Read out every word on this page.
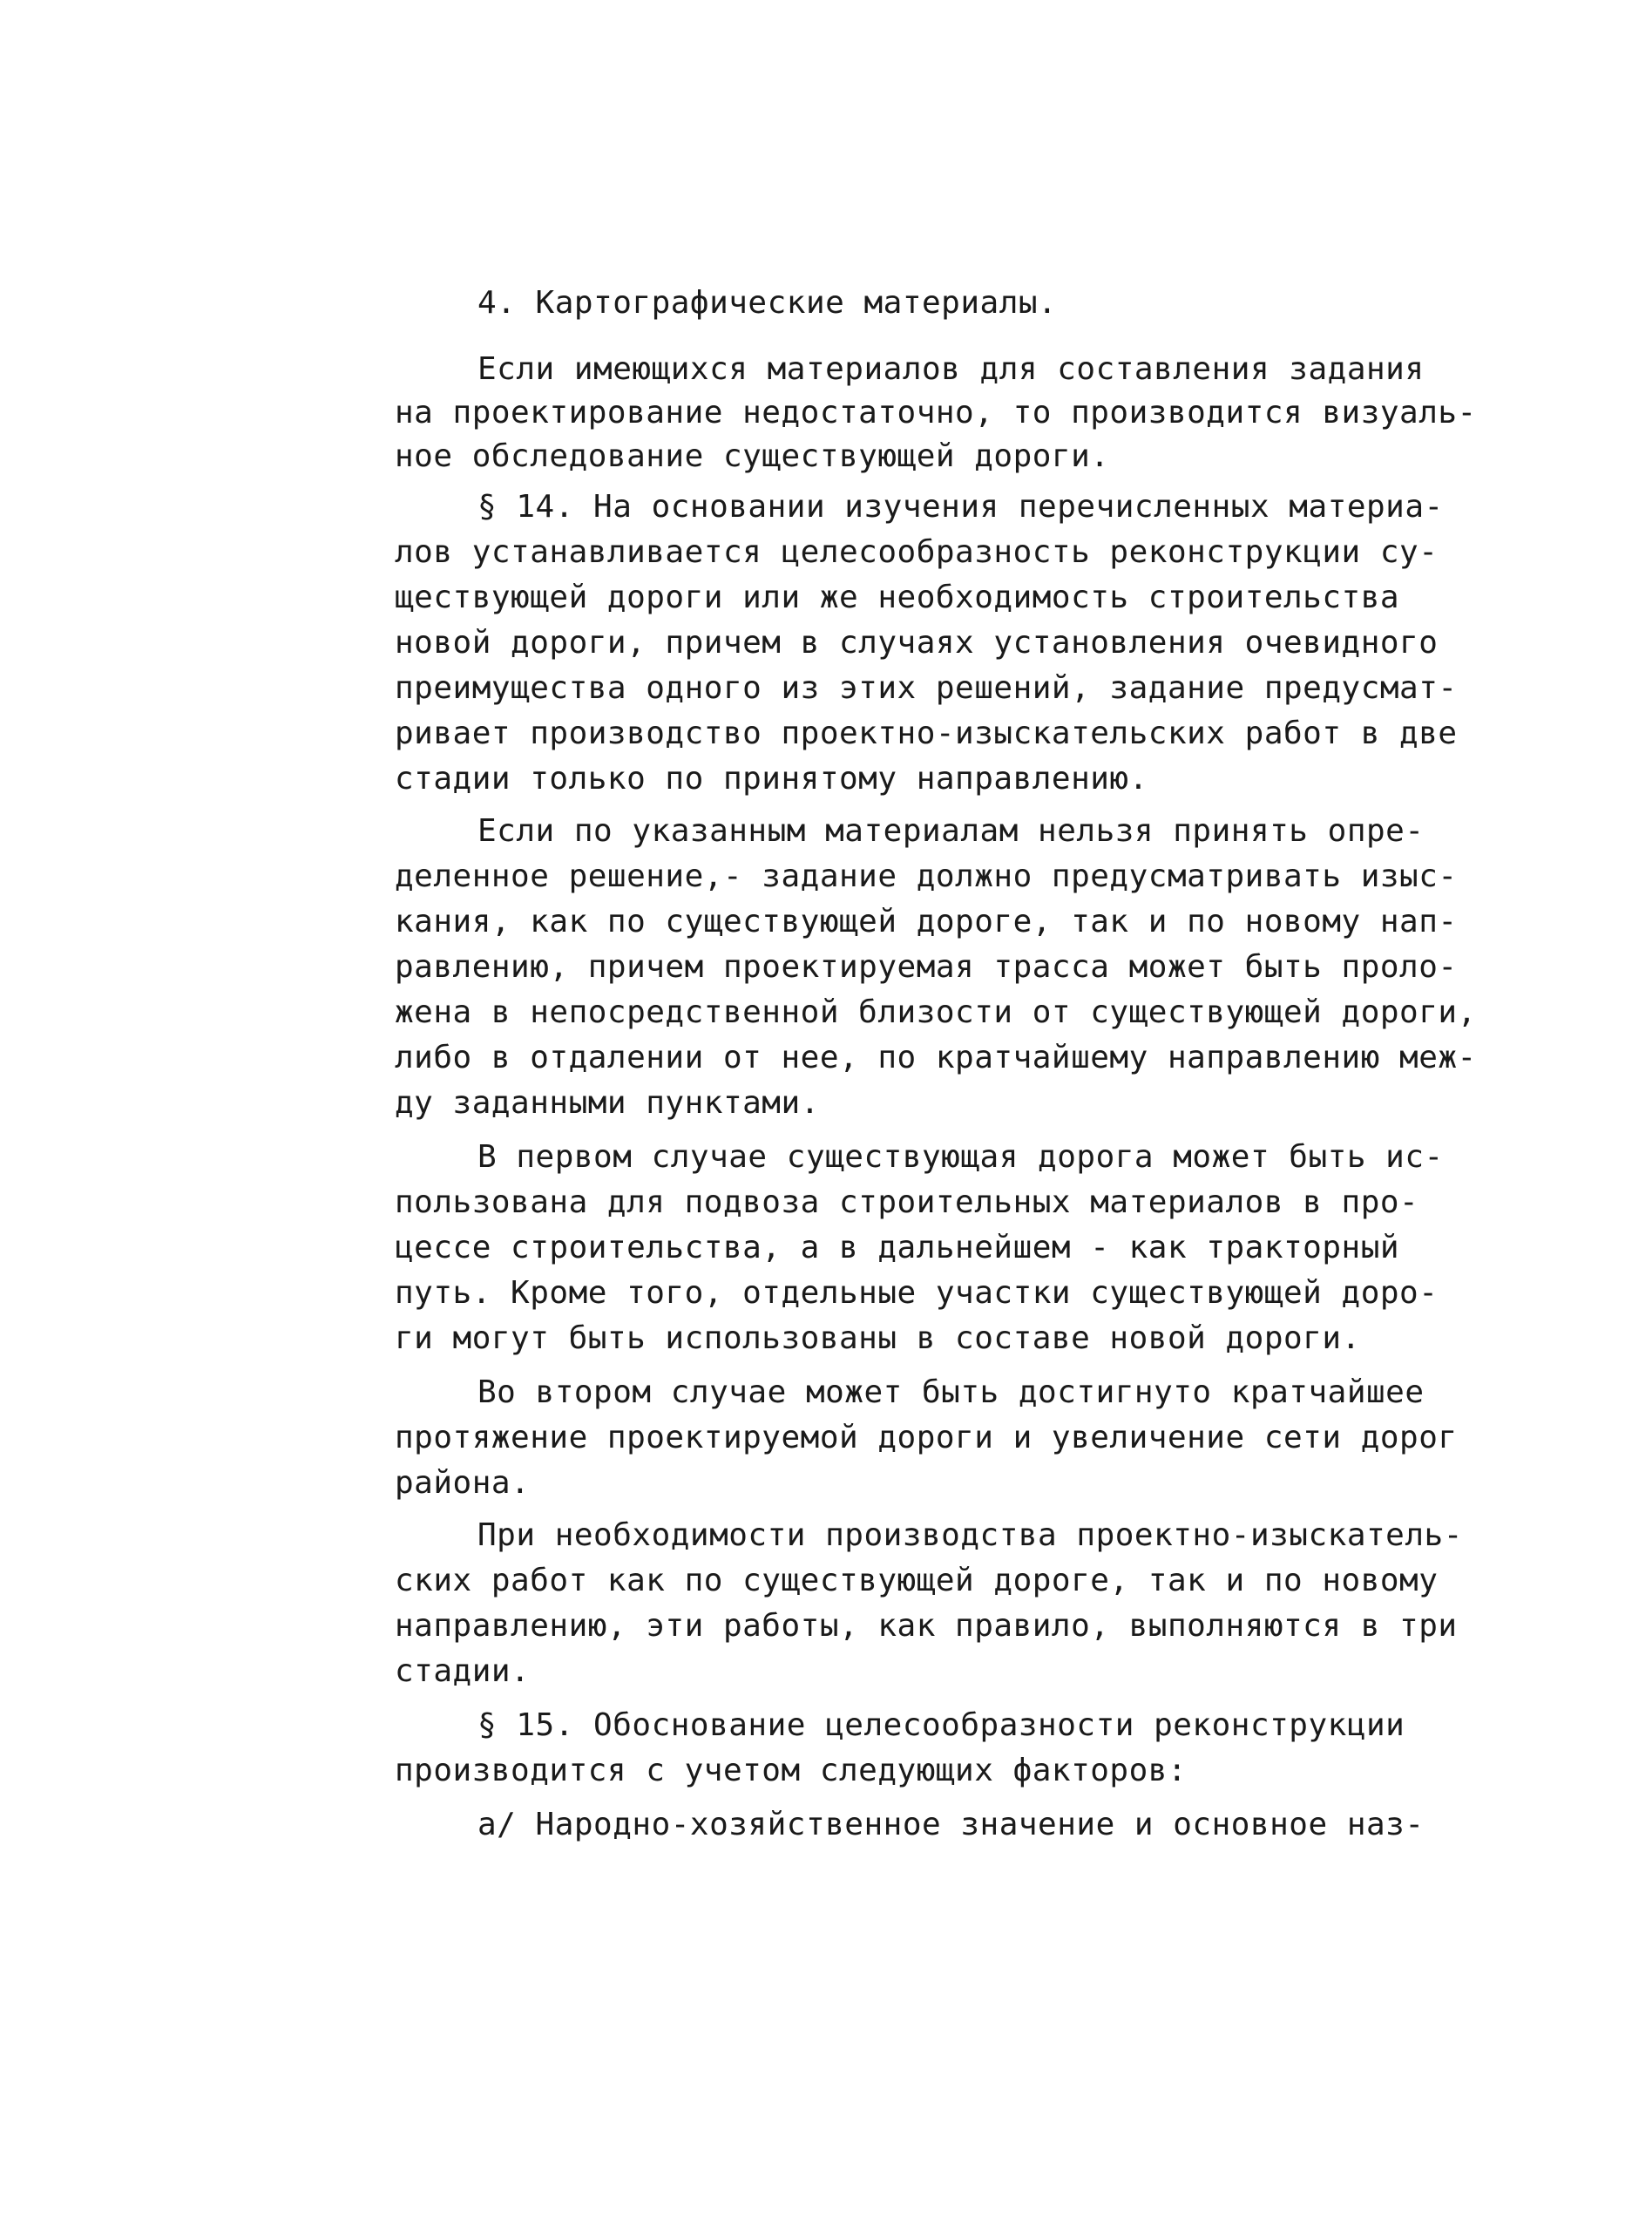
4. Картографические материалы.
Если имеющихся материалов для составления задания
на проектирование недостаточно, то производится визуаль-
ное обследование существующей дороги.
§ 14. На основании изучения перечисленных материа-
лов устанавливается целесообразность реконструкции су-
ществующей дороги или же необходимость строительства
новой дороги, причем в случаях установления очевидного
преимущества одного из этих решений, задание предусмат-
ривает производство проектно-изыскательских работ в две
стадии только по принятому направлению.
Если по указанным материалам нельзя принять опре-
деленное решение,- задание должно предусматривать изыс-
кания, как по существующей дороге, так и по новому нап-
равлению, причем проектируемая трасса может быть проло-
жена в непосредственной близости от существующей дороги,
либо в отдалении от нее, по кратчайшему направлению меж-
ду заданными пунктами.
В первом случае существующая дорога может быть ис-
пользована для подвоза строительных материалов в про-
цессе строительства, а в дальнейшем - как тракторный
путь. Кроме того, отдельные участки существующей доро-
ги могут быть использованы в составе новой дороги.
Во втором случае может быть достигнуто кратчайшее
протяжение проектируемой дороги и увеличение сети дорог
района.
При необходимости производства проектно-изыскатель-
ских работ как по существующей дороге, так и по новому
направлению, эти работы, как правило, выполняются в три
стадии.
§ 15. Обоснование целесообразности реконструкции
производится с учетом следующих факторов:
а/ Народно-хозяйственное значение и основное наз-
